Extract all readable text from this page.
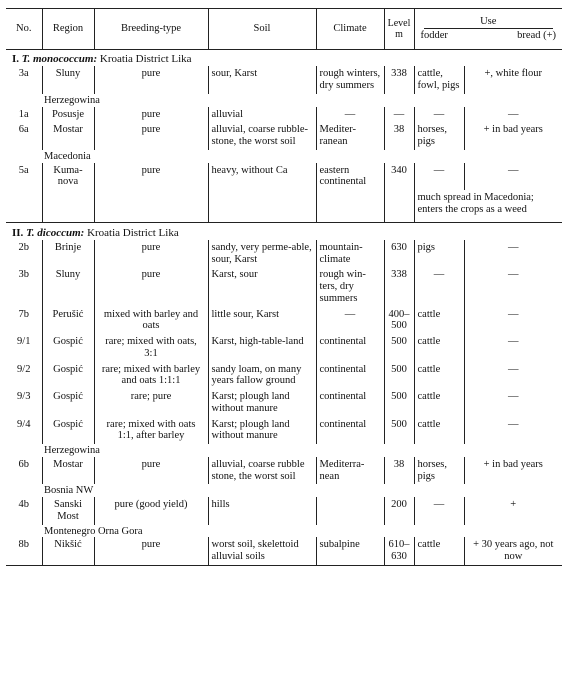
No.	Region	Breeding-type	Soil	Climate	Level m	Use
fodder bread (+)	

I. T. monococcum: Kroatia District Lika							
3a	Sluny	pure	sour, Karst	rough winters, dry summers	338	cattle, fowl, pigs	+, white flour
Herzegowina							
1a	Posusje	pure	alluvial	—	—	—	—
6a	Mostar	pure	alluvial, coarse rubble-stone, the worst soil	Mediter-ranean	38	horses, pigs	+ in bad years
Macedonia							
5a	Kuma-nova	pure	heavy, without Ca	eastern continental	340	—	—
						much spread in Macedonia; enters the crops as a weed	
II. T. dicoccum: Kroatia District Lika							
2b	Brinje	pure	sandy, very perme-able, sour, Karst	mountain-climate	630	pigs	—
3b	Sluny	pure	Karst, sour	rough win-ters, dry summers	338	—	—
7b	Perušić	mixed with barley and oats	little sour, Karst	—	400–500	cattle	—
9/1	Gospić	rare; mixed with oats, 3:1	Karst, high-table-land	continental	500	cattle	—
9/2	Gospić	rare; mixed with barley and oats 1:1:1	sandy loam, on many years fallow ground	continental	500	cattle	—
9/3	Gospić	rare; pure	Karst; plough land without manure	continental	500	cattle	—
9/4	Gospić	rare; mixed with oats 1:1, after barley	Karst; plough land without manure	continental	500	cattle	—
Herzegowina							
6b	Mostar	pure	alluvial, coarse rubble stone, the worst soil	Mediterra-nean	38	horses, pigs	+ in bad years
Bosnia NW							
4b	Sanski Most	pure (good yield)	hills		200	—	+
Montenegro Orna Gora							
8b	Nikšić	pure	worst soil, skelettoid alluvial soils	subalpine	610–630	cattle	+ 30 years ago, not now
